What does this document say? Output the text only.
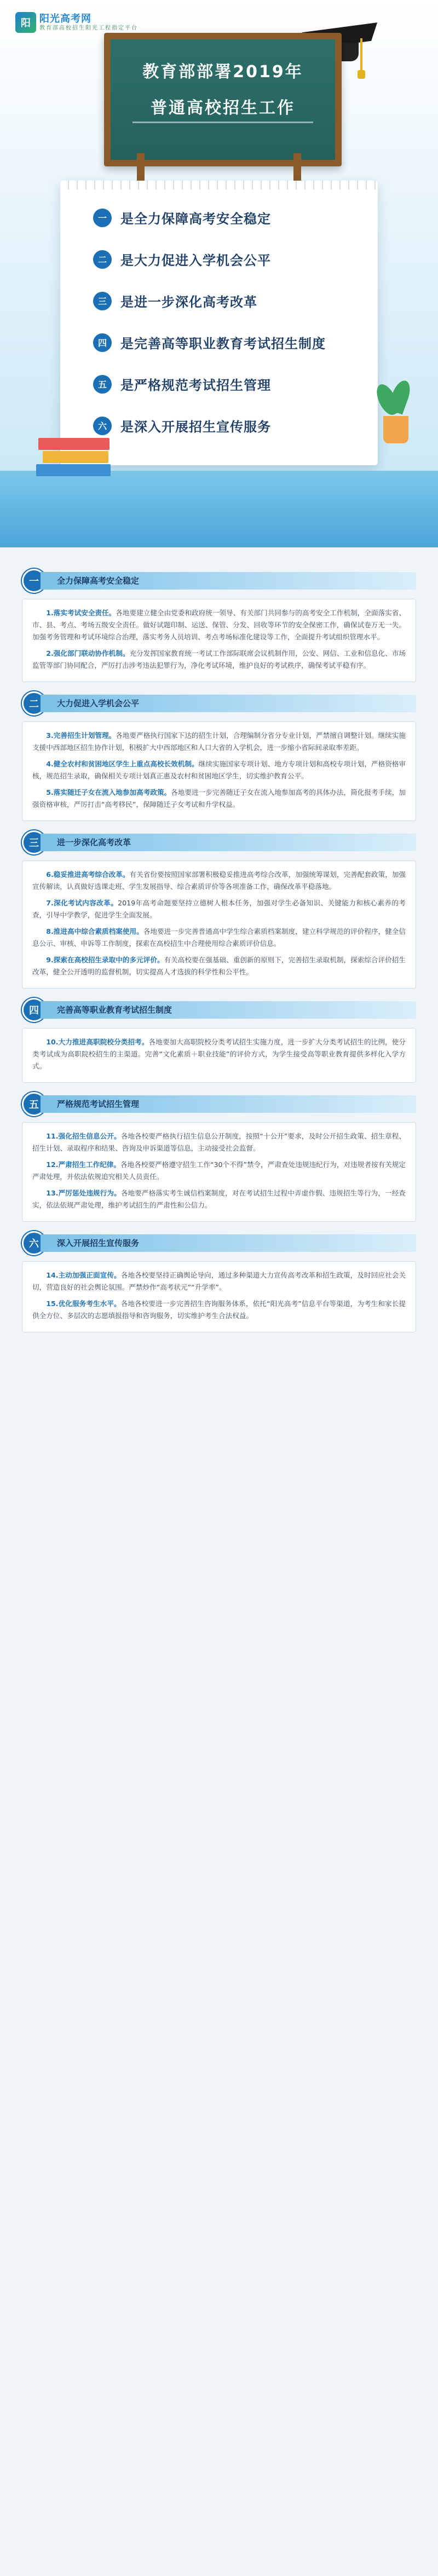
阳 阳光高考网
教育部高校招生阳光工程指定平台
教育部部署2019年
普通高校招生工作
一	是全力保障高考安全稳定
二	是大力促进入学机会公平
三	是进一步深化高考改革
四	是完善高等职业教育考试招生制度
五	是严格规范考试招生管理
六	是深入开展招生宣传服务
一	全力保障高考安全稳定

1.落实考试安全责任。各地要建立健全由党委和政府统一领导、有关部门共同参与的高考安全工作机制，全面落实省、市、县、考点、考场五级安全责任。做好试题印制、运送、保管、分发、回收等环节的安全保密工作，确保试卷万无一失。加强考务管理和考试环境综合治理，落实考务人员培训、考点考场标准化建设等工作，全面提升考试组织管理水平。

2.强化部门联动协作机制。充分发挥国家教育统一考试工作部际联席会议机制作用，公安、网信、工业和信息化、市场监管等部门协同配合，严厉打击涉考违法犯罪行为，净化考试环境，维护良好的考试秩序，确保考试平稳有序。

二	大力促进入学机会公平

3.完善招生计划管理。各地要严格执行国家下达的招生计划，合理编制分省分专业计划，严禁擅自调整计划。继续实施支援中西部地区招生协作计划，积极扩大中西部地区和人口大省的入学机会，进一步缩小省际间录取率差距。

4.健全农村和贫困地区学生上重点高校长效机制。继续实施国家专项计划、地方专项计划和高校专项计划，严格资格审核，规范招生录取，确保相关专项计划真正惠及农村和贫困地区学生，切实维护教育公平。

5.落实随迁子女在流入地参加高考政策。各地要进一步完善随迁子女在流入地参加高考的具体办法，简化报考手续，加强资格审核，严厉打击“高考移民”，保障随迁子女考试和升学权益。

三	进一步深化高考改革

6.稳妥推进高考综合改革。有关省份要按照国家部署积极稳妥推进高考综合改革，加强统筹谋划，完善配套政策，加强宣传解读，认真做好选课走班、学生发展指导、综合素质评价等各项准备工作，确保改革平稳落地。

7.深化考试内容改革。2019年高考命题要坚持立德树人根本任务，加强对学生必备知识、关键能力和核心素养的考查，引导中学教学，促进学生全面发展。

8.推进高中综合素质档案使用。各地要进一步完善普通高中学生综合素质档案制度，建立科学规范的评价程序，健全信息公示、审核、申诉等工作制度，探索在高校招生中合理使用综合素质评价信息。

9.探索在高校招生录取中的多元评价。有关高校要在强基础、重创新的原则下，完善招生录取机制，探索综合评价招生改革，健全公开透明的监督机制，切实提高人才选拔的科学性和公平性。

四	完善高等职业教育考试招生制度

10.大力推进高职院校分类招考。各地要加大高职院校分类考试招生实施力度，进一步扩大分类考试招生的比例，使分类考试成为高职院校招生的主渠道。完善“文化素质＋职业技能”的评价方式，为学生接受高等职业教育提供多样化入学方式。

五	严格规范考试招生管理

11.强化招生信息公开。各地各校要严格执行招生信息公开制度，按照“十公开”要求，及时公开招生政策、招生章程、招生计划、录取程序和结果、咨询及申诉渠道等信息，主动接受社会监督。

12.严肃招生工作纪律。各地各校要严格遵守招生工作“30个不得”禁令，严肃查处违规违纪行为，对违规者按有关规定严肃处理，并依法依规追究相关人员责任。

13.严厉惩处违规行为。各地要严格落实考生诚信档案制度，对在考试招生过程中弄虚作假、违规招生等行为，一经查实，依法依规严肃处理，维护考试招生的严肃性和公信力。

六	深入开展招生宣传服务

14.主动加强正面宣传。各地各校要坚持正确舆论导向，通过多种渠道大力宣传高考改革和招生政策，及时回应社会关切，营造良好的社会舆论氛围。严禁炒作“高考状元”“升学率”。

15.优化服务考生水平。各地各校要进一步完善招生咨询服务体系，依托“阳光高考”信息平台等渠道，为考生和家长提供全方位、多层次的志愿填报指导和咨询服务，切实维护考生合法权益。
